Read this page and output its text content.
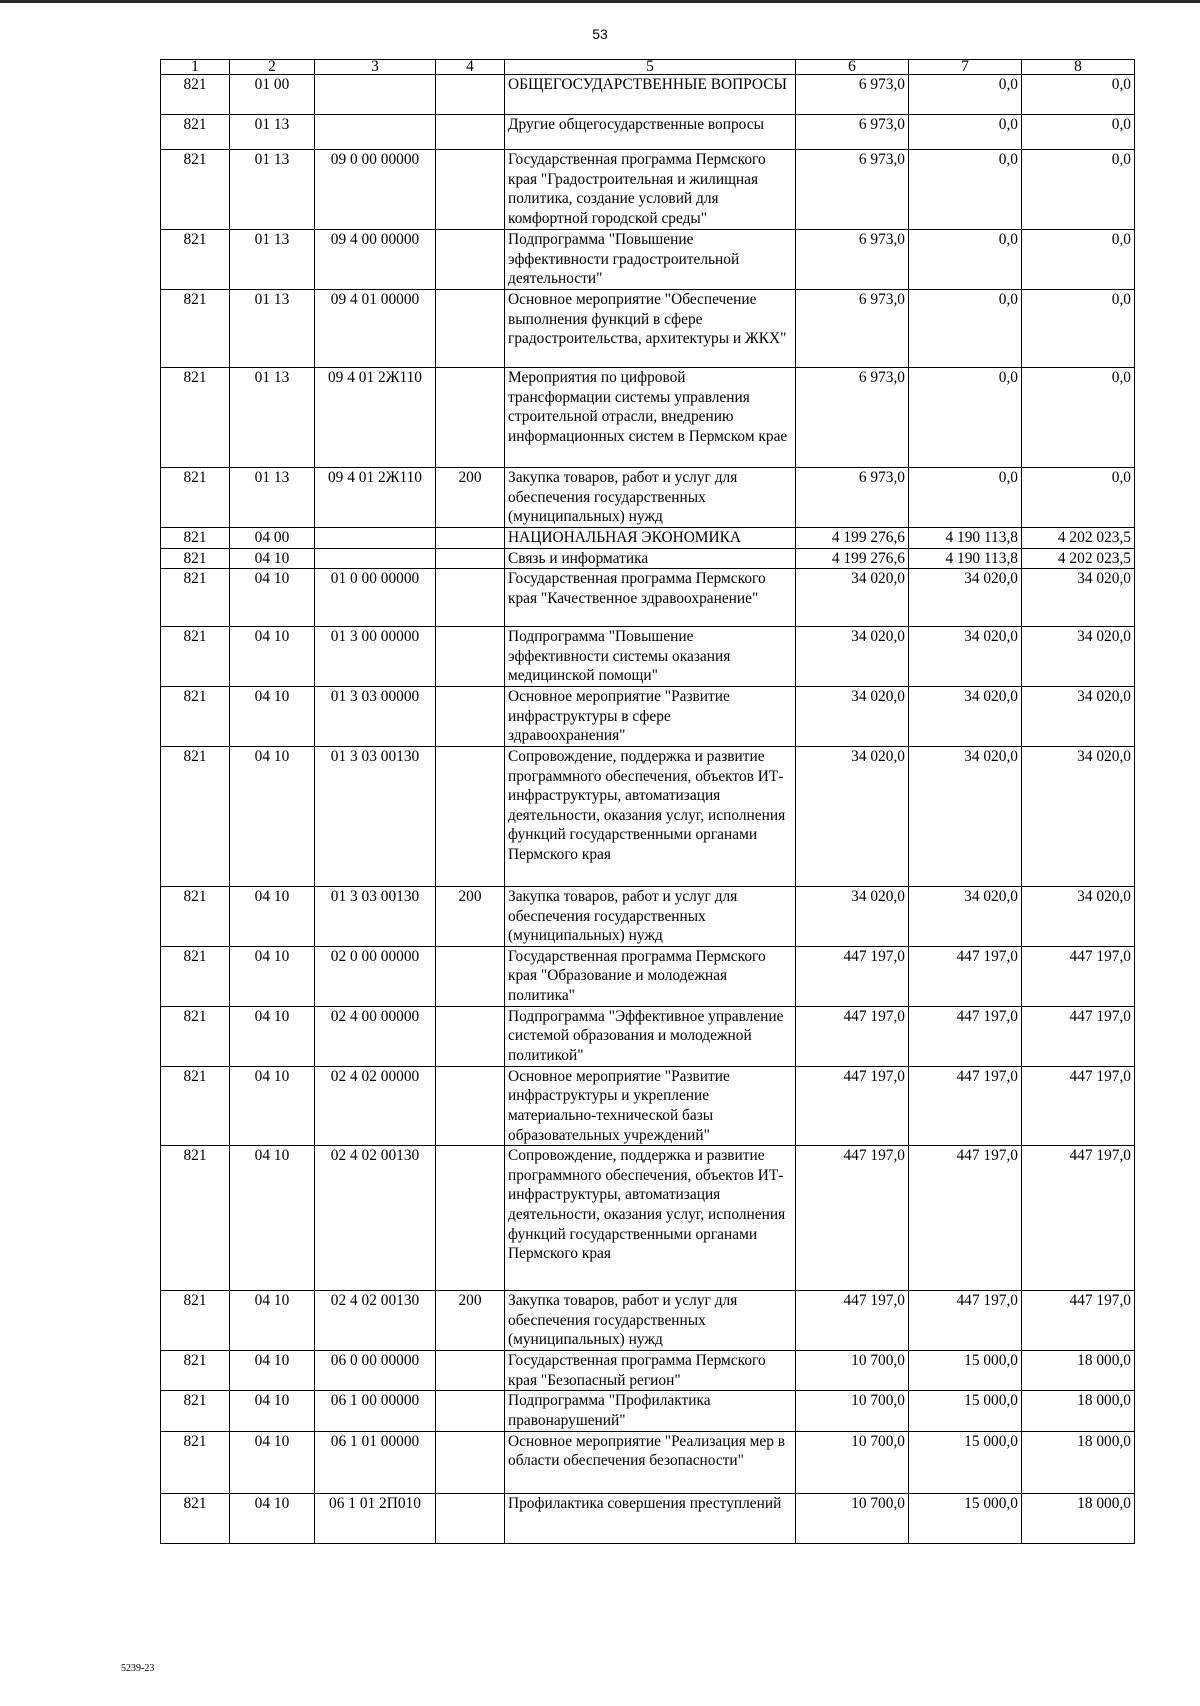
53
1	2	3	4	5	6	7	8
821	01 00			ОБЩЕГОСУДАРСТВЕННЫЕ ВОПРОСЫ	6 973,0	0,0	0,0
821	01 13			Другие общегосударственные вопросы	6 973,0	0,0	0,0
821	01 13	09 0 00 00000		Государственная программа Пермского края "Градостроительная и жилищная политика, создание условий для комфортной городской среды"	6 973,0	0,0	0,0
821	01 13	09 4 00 00000		Подпрограмма "Повышение эффективности градостроительной деятельности"	6 973,0	0,0	0,0
821	01 13	09 4 01 00000		Основное мероприятие "Обеспечение выполнения функций в сфере градостроительства, архитектуры и ЖКХ"	6 973,0	0,0	0,0
821	01 13	09 4 01 2Ж110		Мероприятия по цифровой трансформации системы управления строительной отрасли, внедрению информационных систем в Пермском крае	6 973,0	0,0	0,0
821	01 13	09 4 01 2Ж110	200	Закупка товаров, работ и услуг для обеспечения государственных (муниципальных) нужд	6 973,0	0,0	0,0
821	04 00			НАЦИОНАЛЬНАЯ ЭКОНОМИКА	4 199 276,6	4 190 113,8	4 202 023,5
821	04 10			Связь и информатика	4 199 276,6	4 190 113,8	4 202 023,5
821	04 10	01 0 00 00000		Государственная программа Пермского края "Качественное здравоохранение"	34 020,0	34 020,0	34 020,0
821	04 10	01 3 00 00000		Подпрограмма "Повышение эффективности системы оказания медицинской помощи"	34 020,0	34 020,0	34 020,0
821	04 10	01 3 03 00000		Основное мероприятие "Развитие инфраструктуры в сфере здравоохранения"	34 020,0	34 020,0	34 020,0
821	04 10	01 3 03 00130		Сопровождение, поддержка и развитие программного обеспечения, объектов ИТ-инфраструктуры, автоматизация деятельности, оказания услуг, исполнения функций государственными органами Пермского края	34 020,0	34 020,0	34 020,0
821	04 10	01 3 03 00130	200	Закупка товаров, работ и услуг для обеспечения государственных (муниципальных) нужд	34 020,0	34 020,0	34 020,0
821	04 10	02 0 00 00000		Государственная программа Пермского края "Образование и молодежная политика"	447 197,0	447 197,0	447 197,0
821	04 10	02 4 00 00000		Подпрограмма "Эффективное управление системой образования и молодежной политикой"	447 197,0	447 197,0	447 197,0
821	04 10	02 4 02 00000		Основное мероприятие "Развитие инфраструктуры и укрепление материально-технической базы образовательных учреждений"	447 197,0	447 197,0	447 197,0
821	04 10	02 4 02 00130		Сопровождение, поддержка и развитие программного обеспечения, объектов ИТ-инфраструктуры, автоматизация деятельности, оказания услуг, исполнения функций государственными органами Пермского края	447 197,0	447 197,0	447 197,0
821	04 10	02 4 02 00130	200	Закупка товаров, работ и услуг для обеспечения государственных (муниципальных) нужд	447 197,0	447 197,0	447 197,0
821	04 10	06 0 00 00000		Государственная программа Пермского края "Безопасный регион"	10 700,0	15 000,0	18 000,0
821	04 10	06 1 00 00000		Подпрограмма "Профилактика правонарушений"	10 700,0	15 000,0	18 000,0
821	04 10	06 1 01 00000		Основное мероприятие "Реализация мер в области обеспечения безопасности"	10 700,0	15 000,0	18 000,0
821	04 10	06 1 01 2П010		Профилактика совершения преступлений	10 700,0	15 000,0	18 000,0
5239-23
